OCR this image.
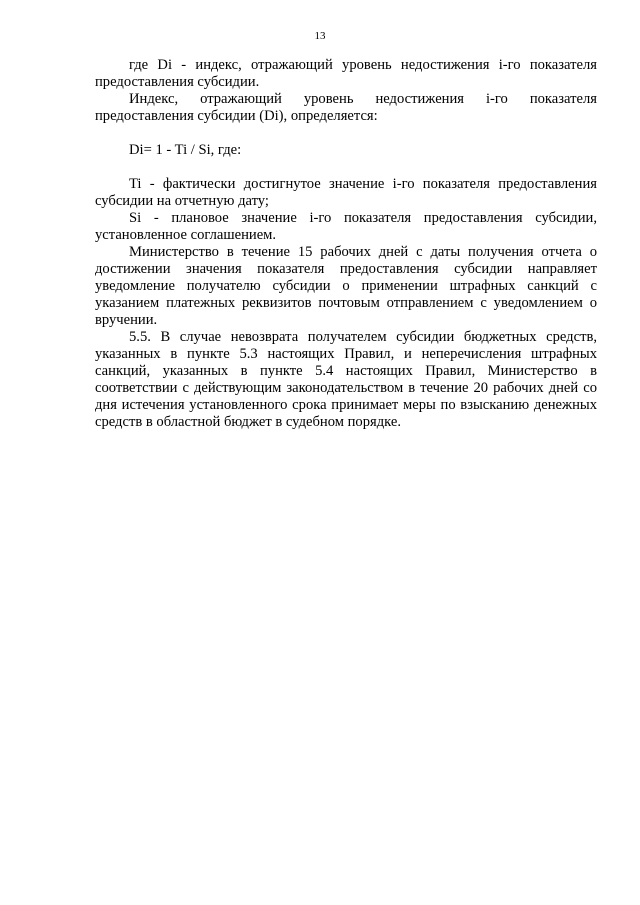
13

где Di - индекс, отражающий уровень недостижения i-го показателя предоставления субсидии.

Индекс, отражающий уровень недостижения i-го показателя предоставления субсидии (Di), определяется:

Di= 1 - Ti / Si, где:

Ti - фактически достигнутое значение i-го показателя предоставления субсидии на отчетную дату;

Si - плановое значение i-го показателя предоставления субсидии, установленное соглашением.

Министерство в течение 15 рабочих дней с даты получения отчета о достижении значения показателя предоставления субсидии направляет уведомление получателю субсидии о применении штрафных санкций с указанием платежных реквизитов почтовым отправлением с уведомлением о вручении.

5.5. В случае невозврата получателем субсидии бюджетных средств, указанных в пункте 5.3 настоящих Правил, и неперечисления штрафных санкций, указанных в пункте 5.4 настоящих Правил, Министерство в соответствии с действующим законодательством в течение 20 рабочих дней со дня истечения установленного срока принимает меры по взысканию денежных средств в областной бюджет в судебном порядке.
